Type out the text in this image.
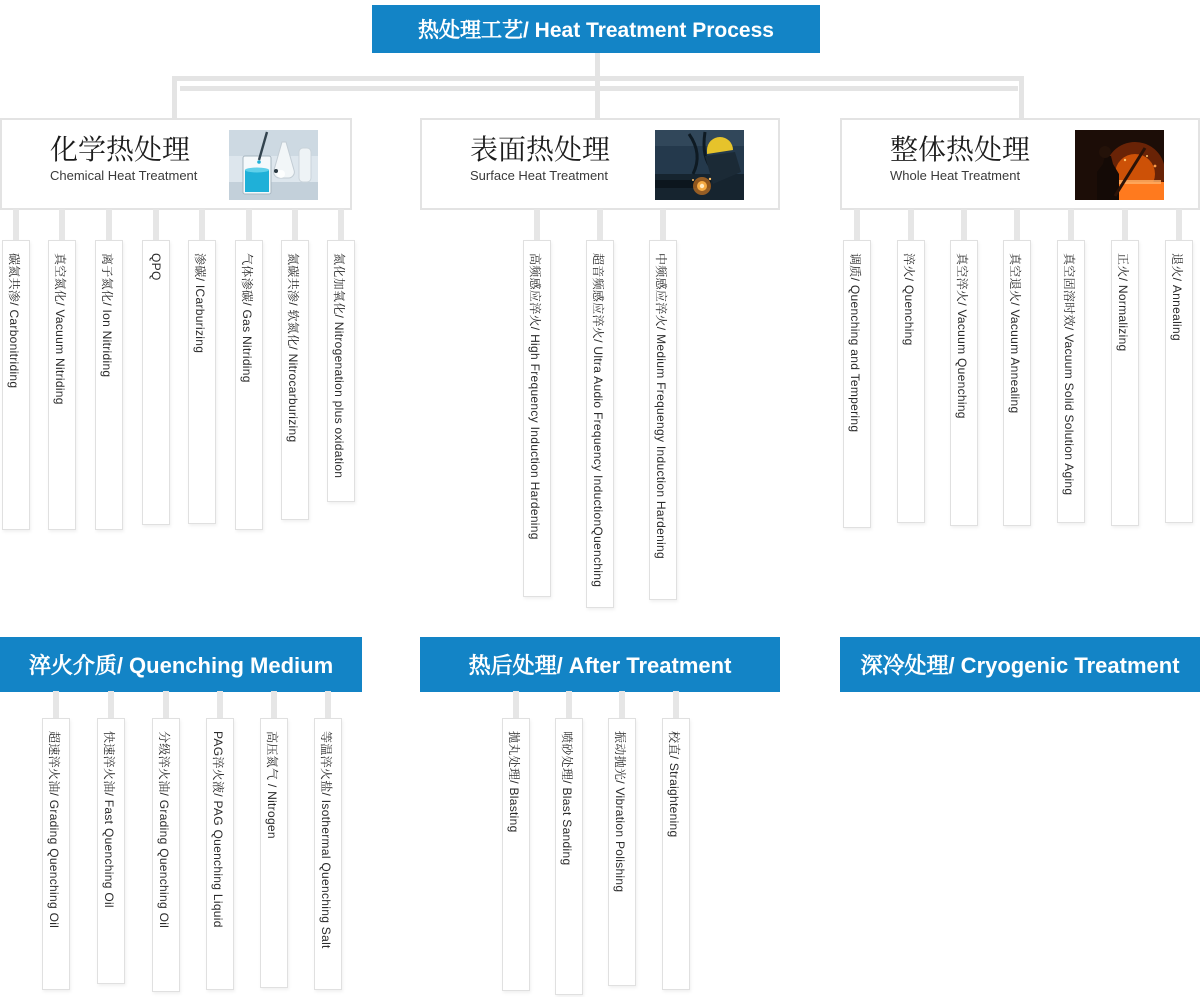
热处理工艺/ Heat Treatment Process
化学热处理
Chemical Heat Treatment
表面热处理
Surface Heat Treatment
整体热处理
Whole Heat Treatment
碳氮共渗/ Carbonitriding	真空氮化/ Vacuum Nitriding	离子氮化/ Ion Nitriding	QPQ	渗碳/ ICarburizing	气体渗碳/ Gas Nitriding	氮碳共渗/ 软氮化/ Nitrocarburizing	氮化加氧化/ Nitrogenation plus oxidation	高频感应淬火/ High Frequency Induction Hardening	超音频感应淬火/ Ultra Audio Frequency InductionQuenching	中频感应淬火/ Medium Frequengy Induction Hardening	调质/ Quenching and Tempering	淬火/ Quenching	真空淬火/ Vacuum Quenching	真空退火/ Vacuum Annealing	真空固溶时效/ Vacuum Solid Solution Aging	正火/ Normalizing	退火/ Annealing
淬火介质/ Quenching Medium	热后处理/ After Treatment	深冷处理/ Cryogenic Treatment
超速淬火油/ Grading Quenching Oil	快速淬火油/ Fast Quenching Oil	分级淬火油/ Grading Quenching Oil	PAG淬火液/ PAG Quenching Liquid	高压氮气 / Nitrogen	等温淬火盐/ Isothermal Quenching Salt	抛丸处理/ Blasting	喷砂处理/ Blast Sanding	振动抛光/ Vibration Polishing	校直/ Straightening
